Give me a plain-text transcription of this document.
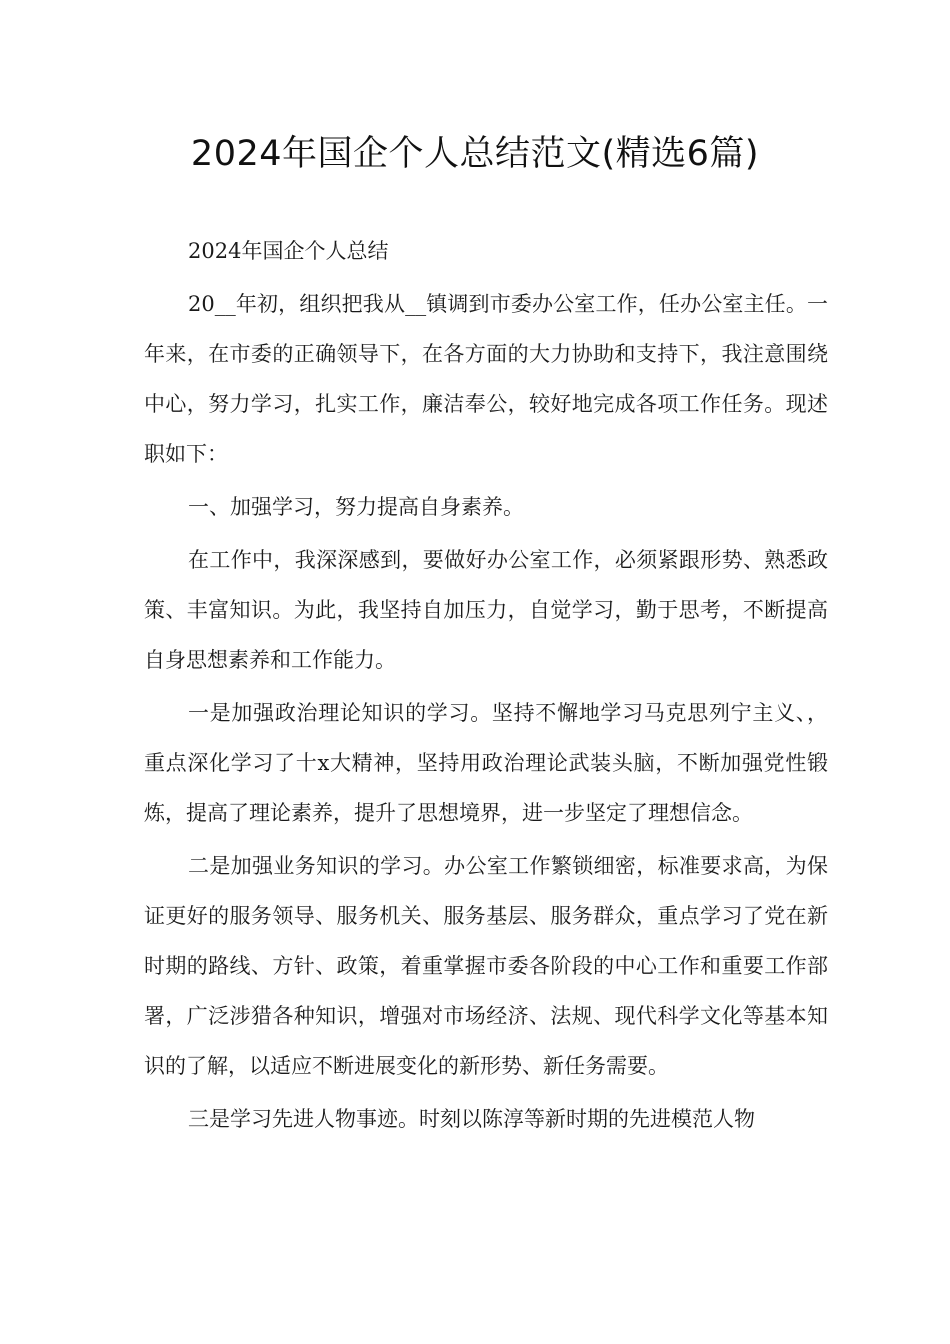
2024年国企个人总结范文(精选6篇)

2024年国企个人总结

20__年初，组织把我从__镇调到市委办公室工作，任办公室主任。一年来，在市委的正确领导下，在各方面的大力协助和支持下，我注意围绕中心，努力学习，扎实工作，廉洁奉公，较好地完成各项工作任务。现述职如下：

一、加强学习，努力提高自身素养。

在工作中，我深深感到，要做好办公室工作，必须紧跟形势、熟悉政策、丰富知识。为此，我坚持自加压力，自觉学习，勤于思考，不断提高自身思想素养和工作能力。

一是加强政治理论知识的学习。坚持不懈地学习马克思列宁主义、，重点深化学习了十x大精神，坚持用政治理论武装头脑，不断加强党性锻炼，提高了理论素养，提升了思想境界，进一步坚定了理想信念。

二是加强业务知识的学习。办公室工作繁锁细密，标准要求高，为保证更好的服务领导、服务机关、服务基层、服务群众，重点学习了党在新时期的路线、方针、政策，着重掌握市委各阶段的中心工作和重要工作部署，广泛涉猎各种知识，增强对市场经济、法规、现代科学文化等基本知识的了解，以适应不断进展变化的新形势、新任务需要。

三是学习先进人物事迹。时刻以陈淳等新时期的先进模范人物
